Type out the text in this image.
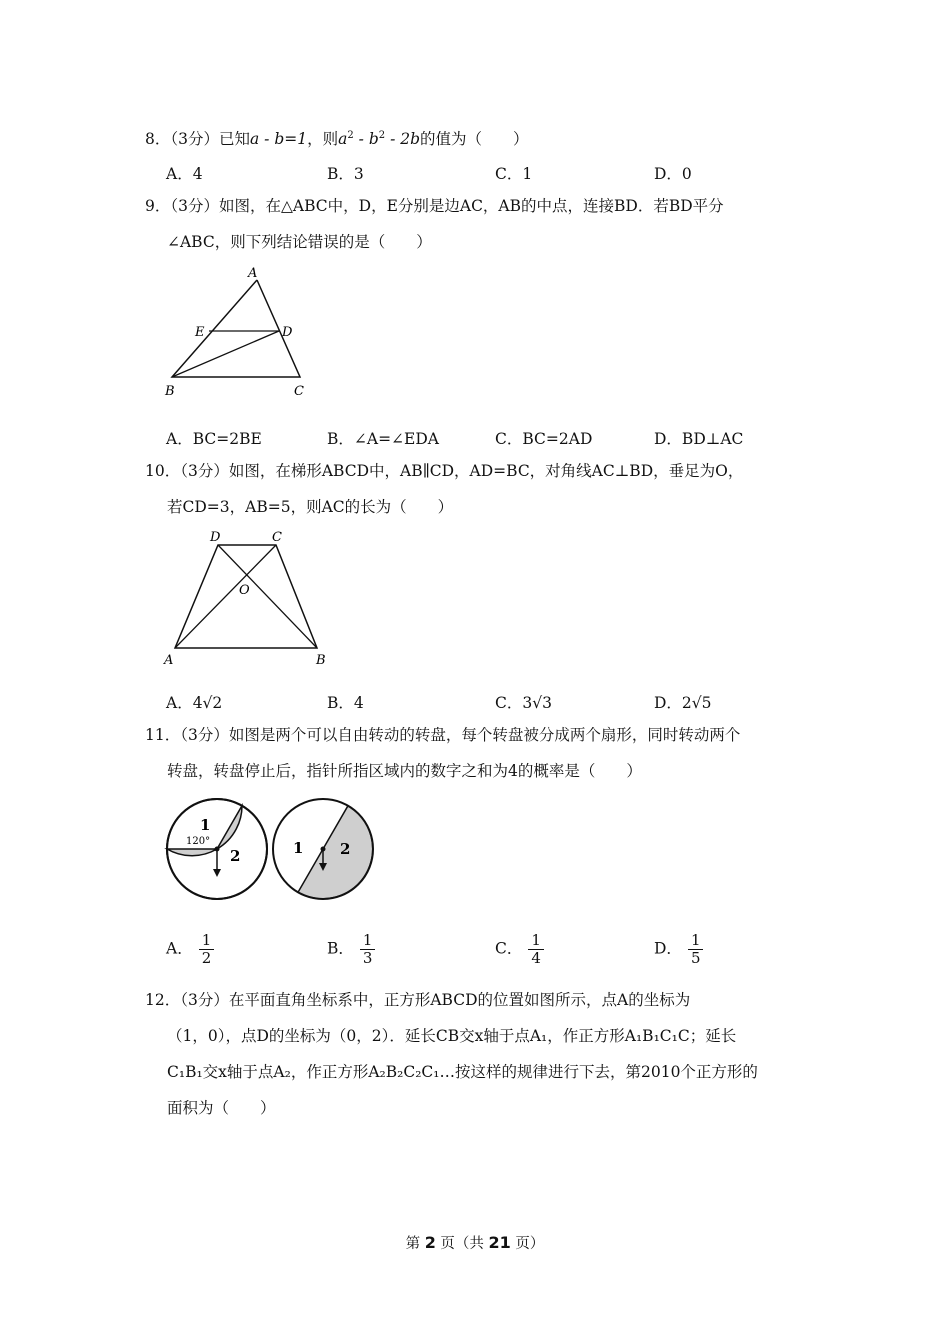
8．（3分）已知a - b=1，则$a^2 - b^2 - 2b$的值为（　　）
A．4	B．3	C．1	D．0
9．（3分）如图，在△ABC中，D，E分别是边AC，AB的中点，连接BD．若BD平分
∠ABC，则下列结论错误的是（　　）
A
E	D
B	C
A．BC=2BE	B．∠A=∠EDA	C．BC=2AD	D．BD⊥AC
10．（3分）如图，在梯形ABCD中，AB∥CD，AD=BC，对角线AC⊥BD，垂足为O，
若CD=3，AB=5，则AC的长为（　　）
D	C
O
A	B
A．4√2	B．4	C．3√3	D．2√5
11．（3分）如图是两个可以自由转动的转盘，每个转盘被分成两个扇形，同时转动两个
转盘，转盘停止后，指针所指区域内的数字之和为4的概率是（　　）
1
120°
2	1 2
A． $\frac{1}{2}$	B． $\frac{1}{3}$	C． $\frac{1}{4}$	D． $\frac{1}{5}$
12．（3分）在平面直角坐标系中，正方形ABCD的位置如图所示，点A的坐标为
（1，0），点D的坐标为（0，2）．延长CB交x轴于点A₁，作正方形A₁B₁C₁C；延长
C₁B₁交x轴于点A₂，作正方形A₂B₂C₂C₁…按这样的规律进行下去，第2010个正方形的
面积为（　　）
第 2 页（共 21 页）
